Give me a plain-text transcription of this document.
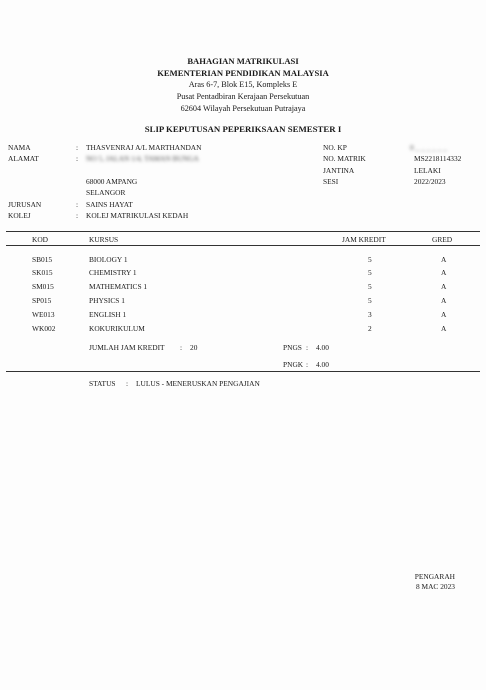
BAHAGIAN MATRIKULASI
KEMENTERIAN PENDIDIKAN MALAYSIA
Aras 6-7, Blok E15, Kompleks E
Pusat Pentadbiran Kerajaan Persekutuan
62604 Wilayah Persekutuan Putrajaya
SLIP KEPUTUSAN PEPERIKSAAN SEMESTER I
NAMA	: THASVENRAJ A/L MARTHANDAN
ALAMAT	: NO 5, JALAN 1/4, TAMAN BUNGA
68000 AMPANG
SELANGOR
JURUSAN	: SAINS HAYAT
KOLEJ	: KOLEJ MATRIKULASI KEDAH
NO. KP	0 _ _ _ _ _ _
NO. MATRIK	MS2218114332
JANTINA	LELAKI
SESI	2022/2023
KOD	KURSUS	JAM KREDIT	GRED
SB015	BIOLOGY 1	5	A
SK015	CHEMISTRY 1	5	A
SM015	MATHEMATICS 1	5	A
SP015	PHYSICS 1	5	A
WE013	ENGLISH 1	3	A
WK002	KOKURIKULUM	2	A
JUMLAH JAM KREDIT : 20	PNGS : 4.00
PNGK : 4.00
STATUS : LULUS - MENERUSKAN PENGAJIAN
PENGARAH
8 MAC 2023
